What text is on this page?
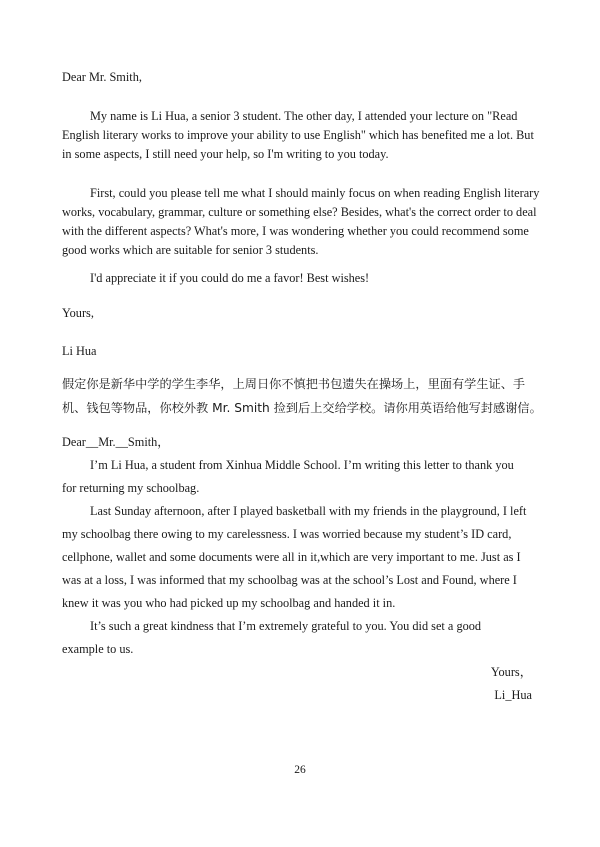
Dear Mr. Smith,
My name is Li Hua, a senior 3 student. The other day, I attended your lecture on "Read
English literary works to improve your ability to use English" which has benefited me a lot. But
in some aspects, I still need your help, so I'm writing to you today.
First, could you please tell me what I should mainly focus on when reading English literary
works, vocabulary, grammar, culture or something else? Besides, what's the correct order to deal
with the different aspects? What's more, I was wondering whether you could recommend some
good works which are suitable for senior 3 students.
I'd appreciate it if you could do me a favor! Best wishes!
Yours,
Li Hua
假定你是新华中学的学生李华，上周日你不慎把书包遗失在操场上，里面有学生证、手
机、钱包等物品，你校外教 Mr. Smith 捡到后上交给学校。请你用英语给他写封感谢信。
Dear__Mr.__Smith，
I’m Li Hua, a student from Xinhua Middle School. I’m writing this letter to thank you
for returning my schoolbag.
Last Sunday afternoon, after I played basketball with my friends in the playground, I left
my schoolbag there owing to my carelessness. I was worried because my student’s ID card,
cellphone, wallet and some documents were all in it,which are very important to me. Just as I
was at a loss, I was informed that my schoolbag was at the school’s Lost and Found, where I
knew it was you who had picked up my schoolbag and handed it in.
It’s such a great kindness that I’m extremely grateful to you. You did set a good
example to us.
Yours，
Li_Hua
26
